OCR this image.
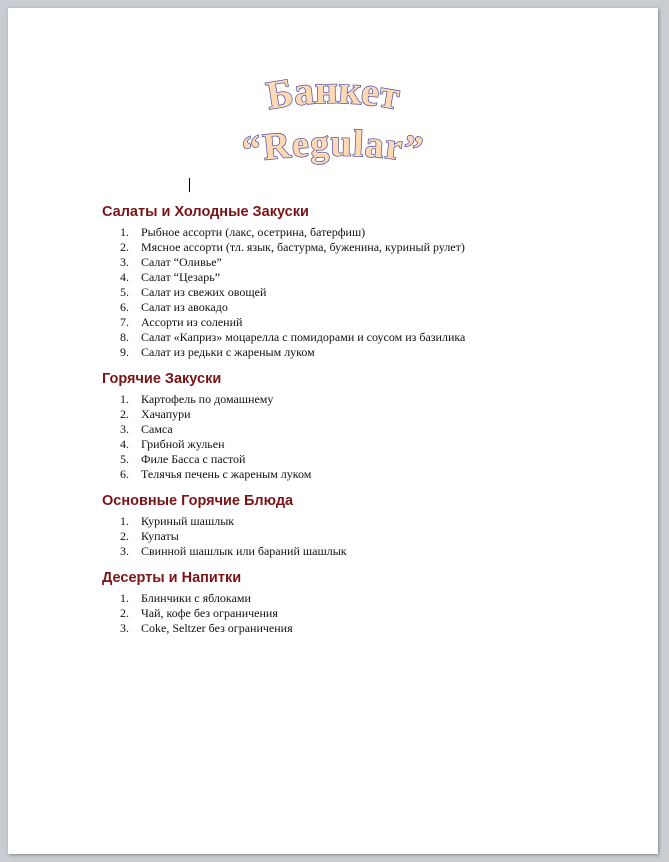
Банкет
“Regular”
Салаты и Холодные Закуски
1. Рыбное ассорти (лакс, осетрина, батерфиш)
2. Мясное ассорти (тл. язык, бастурма, буженина, куриный рулет)
3. Салат “Оливье”
4. Салат “Цезарь”
5. Салат из свежих овощей
6. Салат из авокадо
7. Ассорти из солений
8. Салат «Каприз» моцарелла с помидорами и соусом из базилика
9. Салат из редьки с жареным луком
Горячие Закуски
1. Картофель по домашнему
2. Хачапури
3. Самса
4. Грибной жульен
5. Филе Басса с пастой
6. Телячья печень с жареным луком
Основные Горячие Блюда
1. Куриный шашлык
2. Купаты
3. Свинной шашлык или бараний шашлык
Десерты и Напитки
1. Блинчики с яблоками
2. Чай, кофе без ограничения
3. Coke, Seltzer без ограничения
